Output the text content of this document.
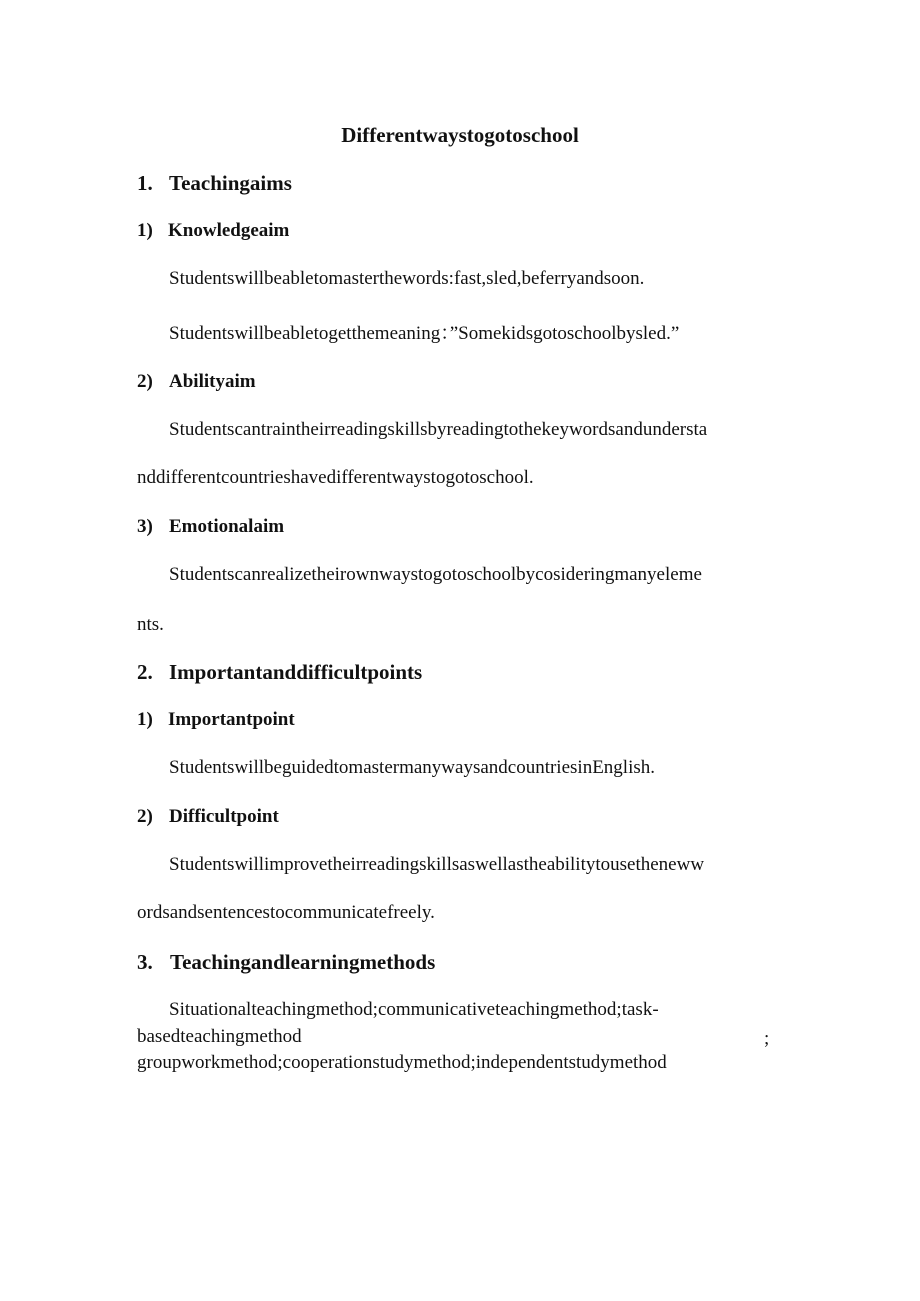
Differentwaystogotoschool
1. Teachingaims
1) Knowledgeaim
Studentswillbeabletomasterthewords:fast,sled,beferryandsoon.
Studentswillbeabletogetthemeaning：”Somekidsgotoschoolbysled.”
2) Abilityaim
Studentscantraintheirreadingskillsbyreadingtothekeywordsandundersta
nddifferentcountrieshavedifferentwaystogotoschool.
3) Emotionalaim
Studentscanrealizetheirownwaystogotoschoolbycosideringmanyeleme
nts.
2. Importantanddifficultpoints
1) Importantpoint
StudentswillbeguidedtomastermanywaysandcountriesinEnglish.
2) Difficultpoint
Studentswillimprovetheirreadingskillsaswellastheabilitytousetheneww
ordsandsentencestocommunicatefreely.
3. Teachingandlearningmethods
Situationalteachingmethod;communicativeteachingmethod;task-
basedteachingmethod	;
groupworkmethod;cooperationstudymethod;independentstudymethod
